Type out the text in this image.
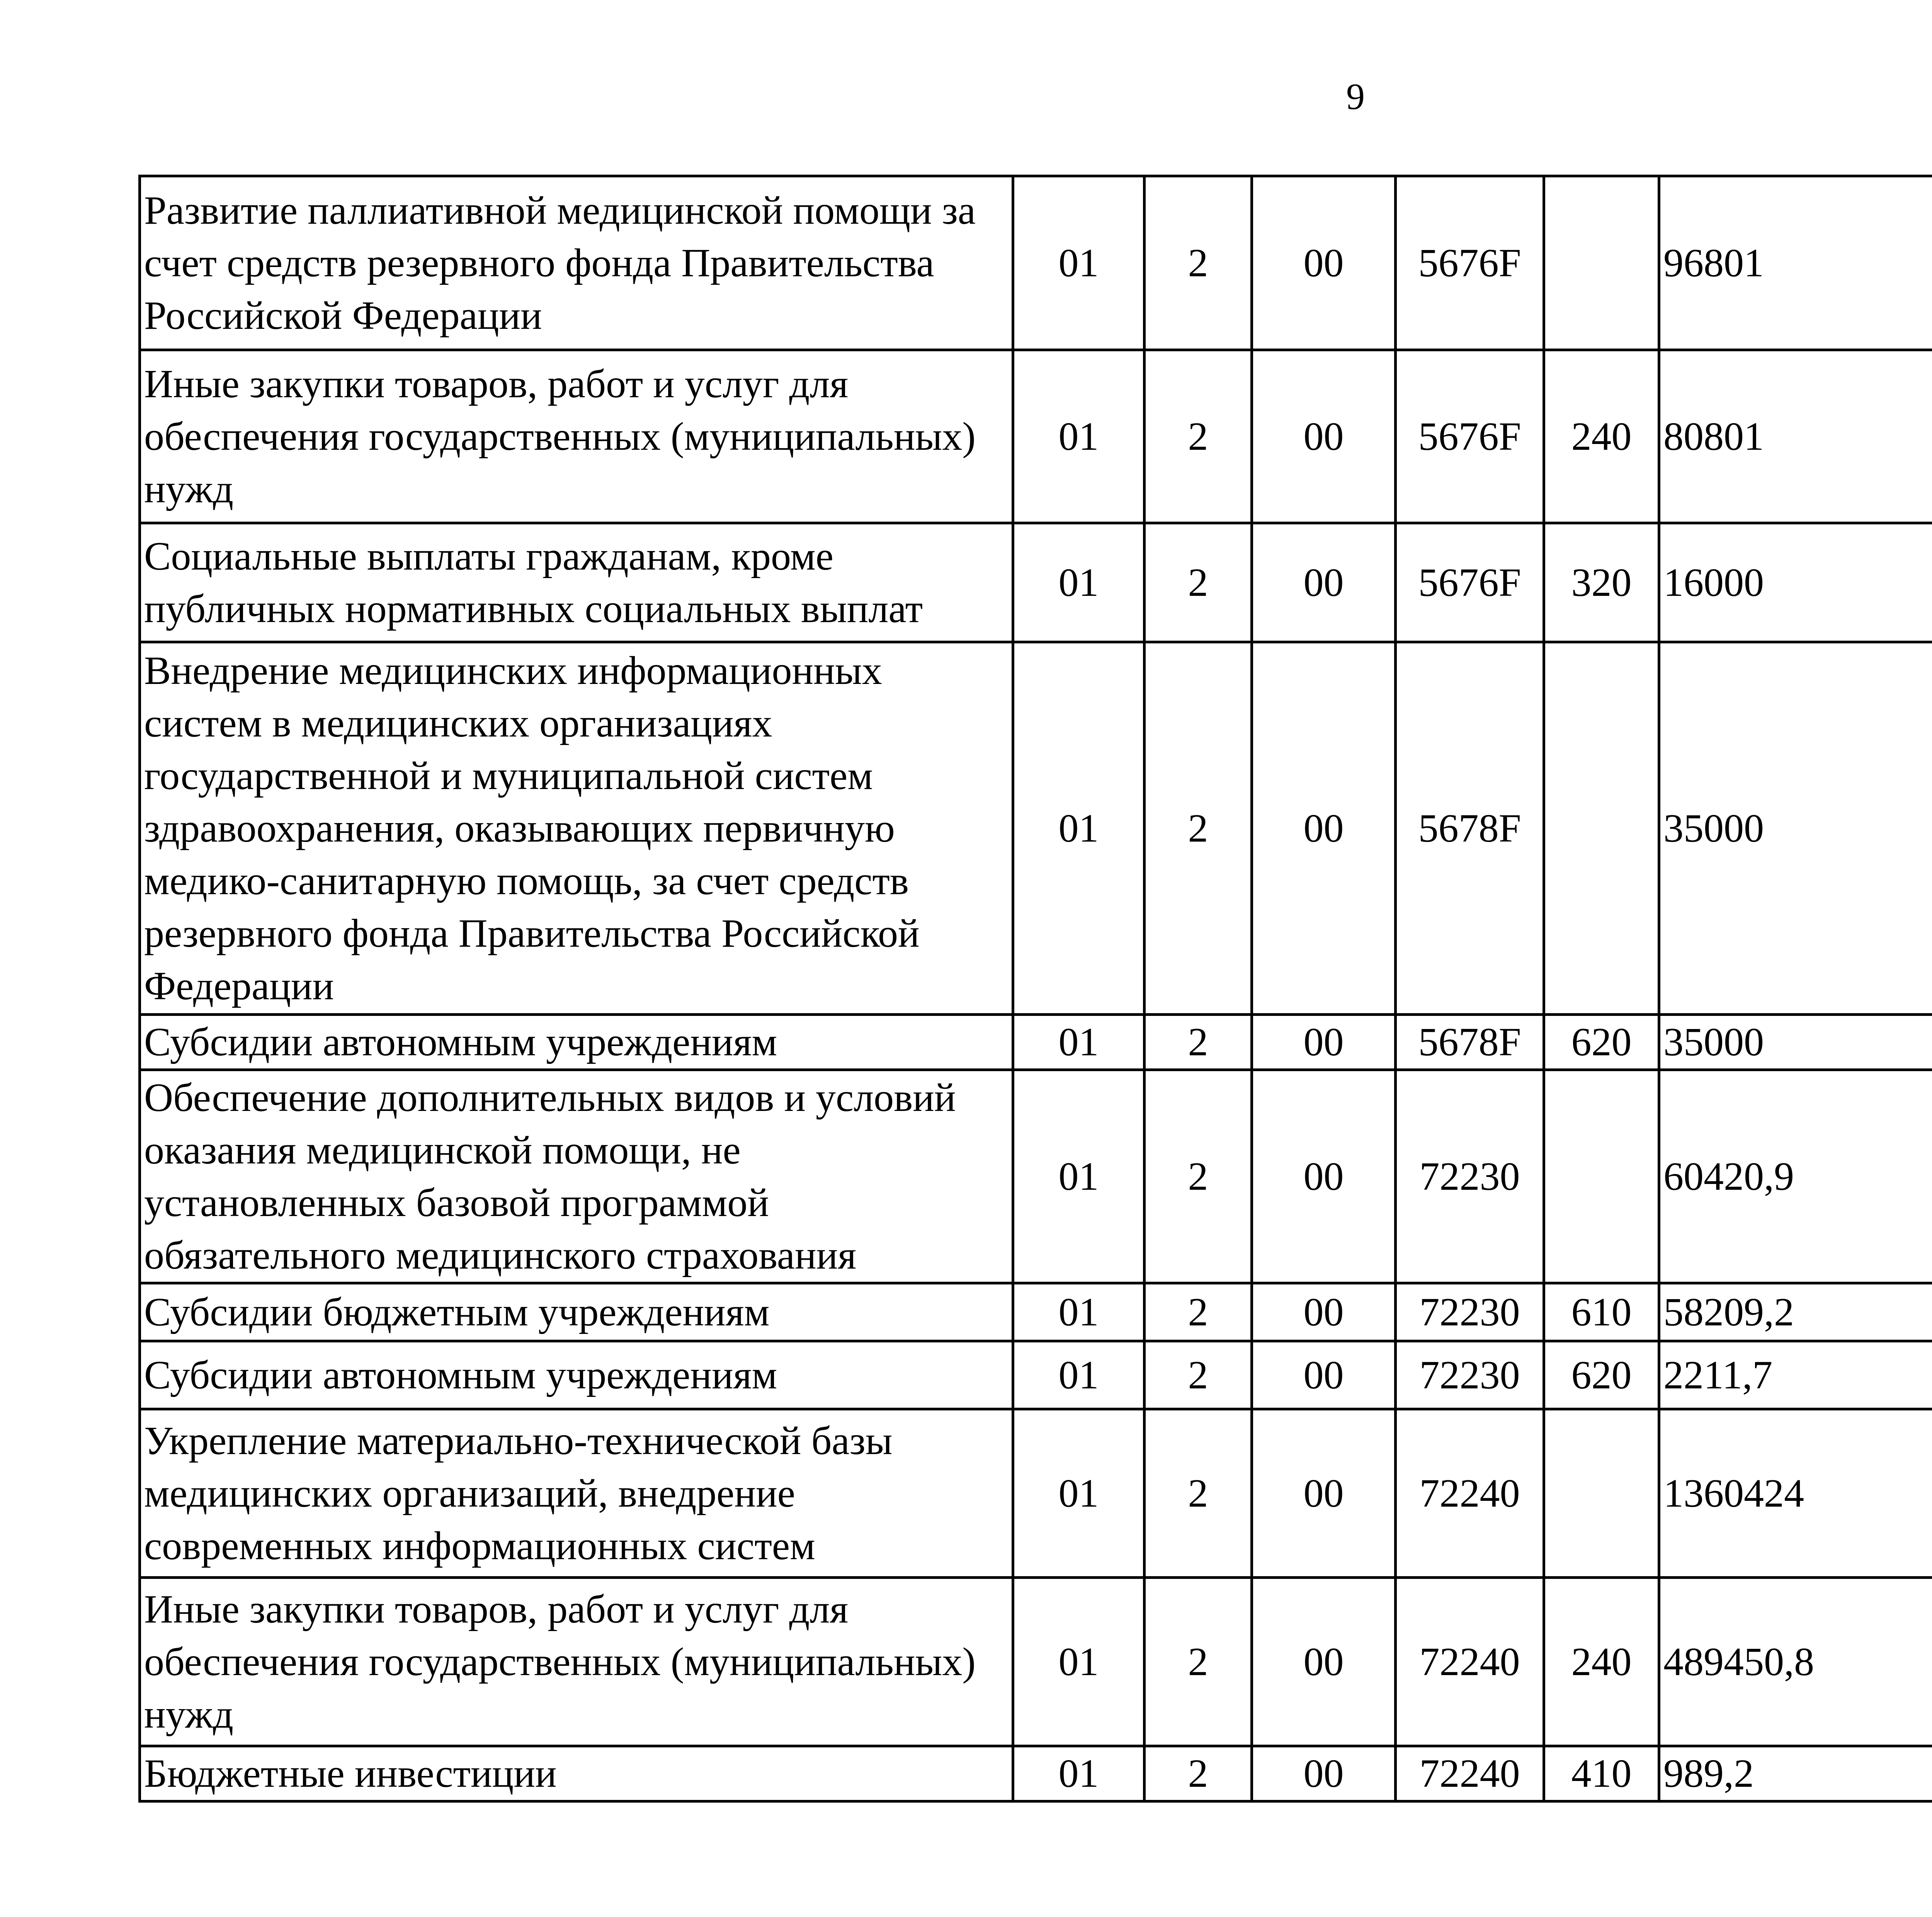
9
Развитие паллиативной медицинской помощи за счет средств резервного фонда Правительства Российской Федерации	01	2	00	5676F		96801		
Иные закупки товаров, работ и услуг для обеспечения государственных (муниципальных) нужд	01	2	00	5676F	240	80801		
Социальные выплаты гражданам, кроме публичных нормативных социальных выплат	01	2	00	5676F	320	16000		
Внедрение медицинских информационных систем в медицинских организациях государственной и муниципальной систем здравоохранения, оказывающих первичную медико-санитарную помощь, за счет средств резервного фонда Правительства Российской Федерации	01	2	00	5678F		35000		
Субсидии автономным учреждениям	01	2	00	5678F	620	35000		
Обеспечение дополнительных видов и условий оказания медицинской помощи, не установленных базовой программой обязательного медицинского страхования	01	2	00	72230		60420,9		
Субсидии бюджетным учреждениям	01	2	00	72230	610	58209,2		
Субсидии автономным учреждениям	01	2	00	72230	620	2211,7		
Укрепление материально-технической базы медицинских организаций, внедрение современных информационных систем	01	2	00	72240		1360424		
Иные закупки товаров, работ и услуг для обеспечения государственных (муниципальных) нужд	01	2	00	72240	240	489450,8		
Бюджетные инвестиции	01	2	00	72240	410	989,2		
